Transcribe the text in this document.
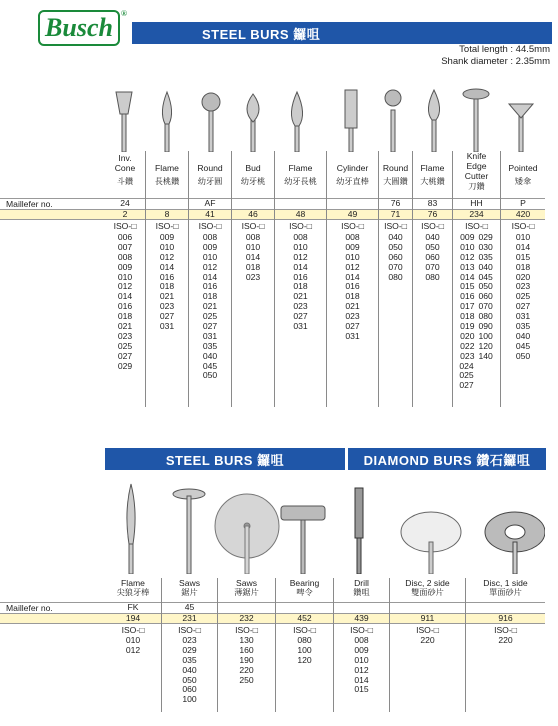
Busch ®
STEEL BURS 鑼咀
Total length : 44.5mm
Shank diameter : 2.35mm
Maillefer no.
Inv.
Cone
斗鑽
24
2
ISO-□
006
007
008
009
010
012
014
016
018
021
023
025
027
029
Flame
長桃鑽
8
ISO-□
009
010
012
014
016
018
021
023
027
031
Round
幼牙圓
AF
41
ISO-□
008
009
010
012
014
016
018
021
025
027
031
035
040
045
050
Bud
幼牙桃
46
ISO-□
008
010
014
018
023
Flame
幼牙長桃
48
ISO-□
008
010
012
014
016
018
021
023
027
031
Cylinder
幼牙直棒
49
ISO-□
008
009
010
012
014
016
018
021
023
027
031
Round
大圓鑽
76
71
ISO-□
040
050
060
070
080
Flame
大桃鑽
83
76
ISO-□
040
050
060
070
080
Knife
Edge
Cutter
刀鑽
HH
234
ISO-□
009 029
010 030
012 035
013 040
014 045
015 050
016 060
017 070
018 080
019 090
020 100
022 120
023 140
024
025
027
Pointed
矮傘
P
420
ISO-□
010
014
015
018
020
023
025
027
031
035
040
045
050
STEEL BURS 鑼咀	DIAMOND BURS 鑽石鑼咀
Maillefer no.
Flame
尖狼牙棒
FK
194
ISO-□
010
012
Saws
鋸片
45
231
ISO-□
023
029
035
040
050
060
100
Saws
薄鋸片
232
ISO-□
130
160
190
220
250
Bearing
啤令
452
ISO-□
080
100
120
Drill
鑽咀
439
ISO-□
008
009
010
012
014
015
Disc, 2 side
雙面砂片
911
ISO-□
220
Disc, 1 side
單面砂片
916
ISO-□
220
